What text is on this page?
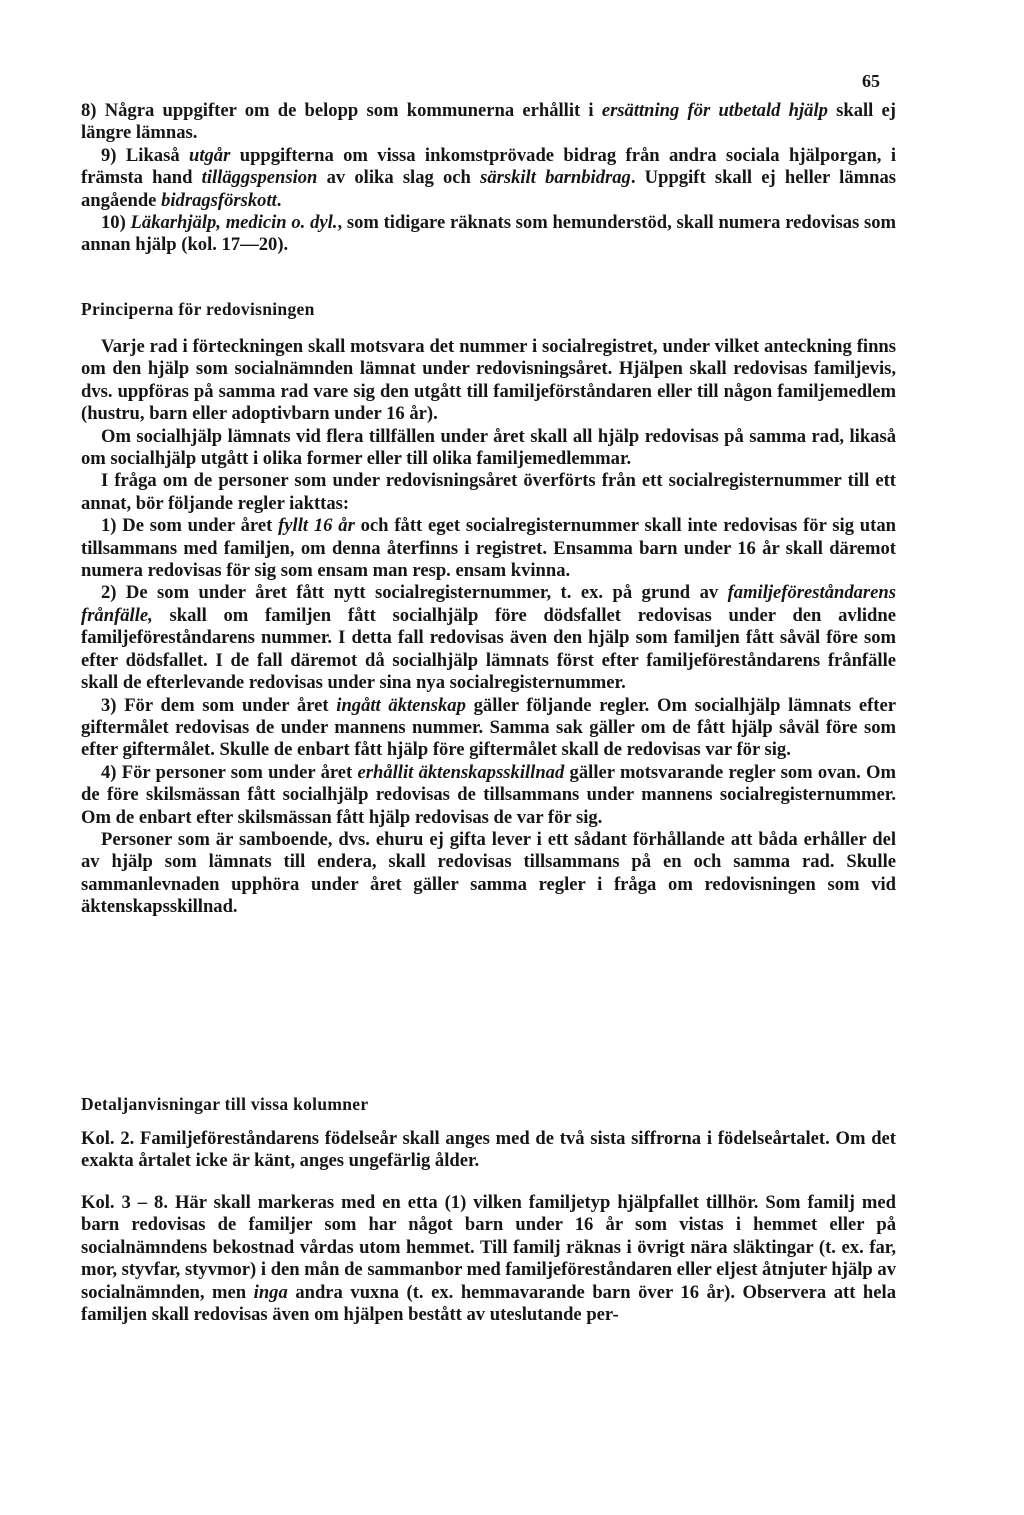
65

8) Några uppgifter om de belopp som kommunerna erhållit i ersättning för utbetald hjälp skall ej längre lämnas.

9) Likaså utgår uppgifterna om vissa inkomstprövade bidrag från andra sociala hjälporgan, i främsta hand tilläggspension av olika slag och särskilt barnbidrag. Uppgift skall ej heller lämnas angående bidragsförskott.

10) Läkarhjälp, medicin o. dyl., som tidigare räknats som hemunderstöd, skall numera redovisas som annan hjälp (kol. 17—20).

Principerna för redovisningen

Varje rad i förteckningen skall motsvara det nummer i socialregistret, under vilket anteckning finns om den hjälp som socialnämnden lämnat under redovisningsåret. Hjälpen skall redovisas familjevis, dvs. uppföras på samma rad vare sig den utgått till familjeförståndaren eller till någon familjemedlem (hustru, barn eller adoptivbarn under 16 år).

Om socialhjälp lämnats vid flera tillfällen under året skall all hjälp redovisas på samma rad, likaså om socialhjälp utgått i olika former eller till olika familjemedlemmar.

I fråga om de personer som under redovisningsåret överförts från ett socialregisternummer till ett annat, bör följande regler iakttas:

1) De som under året fyllt 16 år och fått eget socialregisternummer skall inte redovisas för sig utan tillsammans med familjen, om denna återfinns i registret. Ensamma barn under 16 år skall däremot numera redovisas för sig som ensam man resp. ensam kvinna.

2) De som under året fått nytt socialregisternummer, t. ex. på grund av familjeföreståndarens frånfälle, skall om familjen fått socialhjälp före dödsfallet redovisas under den avlidne familjeföreståndarens nummer. I detta fall redovisas även den hjälp som familjen fått såväl före som efter dödsfallet. I de fall däremot då socialhjälp lämnats först efter familjeföreståndarens frånfälle skall de efterlevande redovisas under sina nya socialregisternummer.

3) För dem som under året ingått äktenskap gäller följande regler. Om socialhjälp lämnats efter giftermålet redovisas de under mannens nummer. Samma sak gäller om de fått hjälp såväl före som efter giftermålet. Skulle de enbart fått hjälp före giftermålet skall de redovisas var för sig.

4) För personer som under året erhållit äktenskapsskillnad gäller motsvarande regler som ovan. Om de före skilsmässan fått socialhjälp redovisas de tillsammans under mannens socialregisternummer. Om de enbart efter skilsmässan fått hjälp redovisas de var för sig.

Personer som är samboende, dvs. ehuru ej gifta lever i ett sådant förhållande att båda erhåller del av hjälp som lämnats till endera, skall redovisas tillsammans på en och samma rad. Skulle sammanlevnaden upphöra under året gäller samma regler i fråga om redovisningen som vid äktenskapsskillnad.

Detaljanvisningar till vissa kolumner

Kol. 2. Familjeföreståndarens födelseår skall anges med de två sista siffrorna i födelseårtalet. Om det exakta årtalet icke är känt, anges ungefärlig ålder.

Kol. 3 – 8. Här skall markeras med en etta (1) vilken familjetyp hjälpfallet tillhör. Som familj med barn redovisas de familjer som har något barn under 16 år som vistas i hemmet eller på socialnämndens bekostnad vårdas utom hemmet. Till familj räknas i övrigt nära släktingar (t. ex. far, mor, styvfar, styvmor) i den mån de sammanbor med familjeföreståndaren eller eljest åtnjuter hjälp av socialnämnden, men inga andra vuxna (t. ex. hemmavarande barn över 16 år). Observera att hela familjen skall redovisas även om hjälpen bestått av uteslutande per-
